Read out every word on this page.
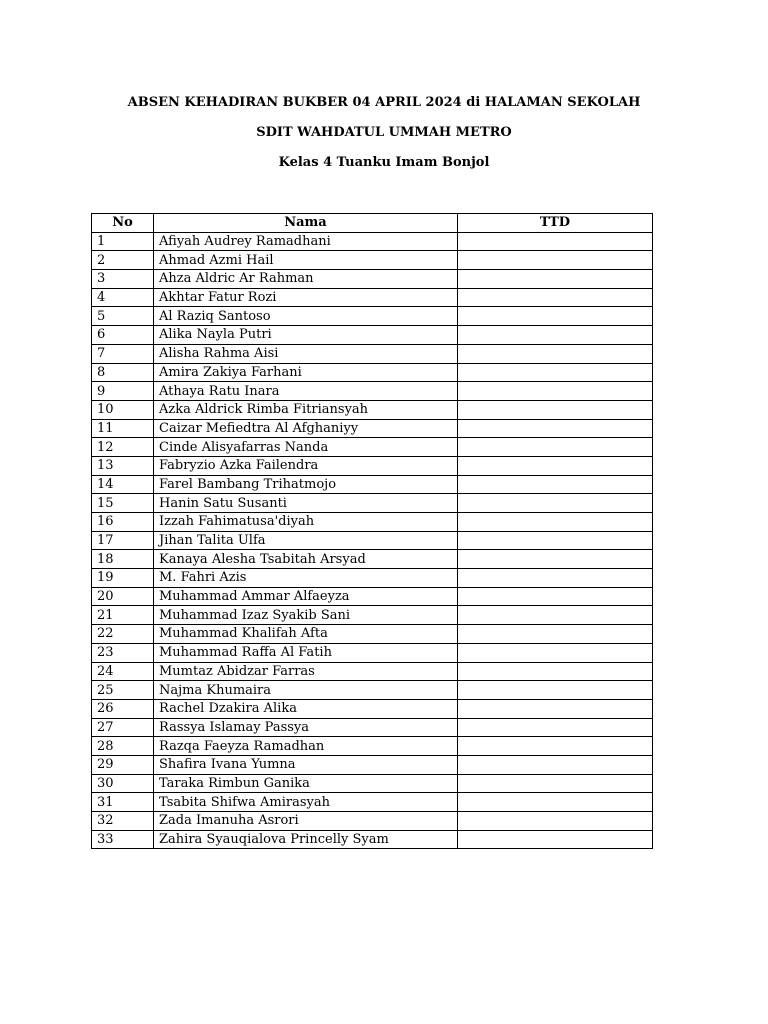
ABSEN KEHADIRAN BUKBER 04 APRIL 2024 di HALAMAN SEKOLAH
SDIT WAHDATUL UMMAH METRO
Kelas 4 Tuanku Imam Bonjol
No	Nama	TTD
1	Afiyah Audrey Ramadhani	
2	Ahmad Azmi Hail	
3	Ahza Aldric Ar Rahman	
4	Akhtar Fatur Rozi	
5	Al Raziq Santoso	
6	Alika Nayla Putri	
7	Alisha Rahma Aisi	
8	Amira Zakiya Farhani	
9	Athaya Ratu Inara	
10	Azka Aldrick Rimba Fitriansyah	
11	Caizar Mefiedtra Al Afghaniyy	
12	Cinde Alisyafarras Nanda	
13	Fabryzio Azka Failendra	
14	Farel Bambang Trihatmojo	
15	Hanin Satu Susanti	
16	Izzah Fahimatusa'diyah	
17	Jihan Talita Ulfa	
18	Kanaya Alesha Tsabitah Arsyad	
19	M. Fahri Azis	
20	Muhammad Ammar Alfaeyza	
21	Muhammad Izaz Syakib Sani	
22	Muhammad Khalifah Afta	
23	Muhammad Raffa Al Fatih	
24	Mumtaz Abidzar Farras	
25	Najma Khumaira	
26	Rachel Dzakira Alika	
27	Rassya Islamay Passya	
28	Razqa Faeyza Ramadhan	
29	Shafira Ivana Yumna	
30	Taraka Rimbun Ganika	
31	Tsabita Shifwa Amirasyah	
32	Zada Imanuha Asrori	
33	Zahira Syauqialova Princelly Syam	
